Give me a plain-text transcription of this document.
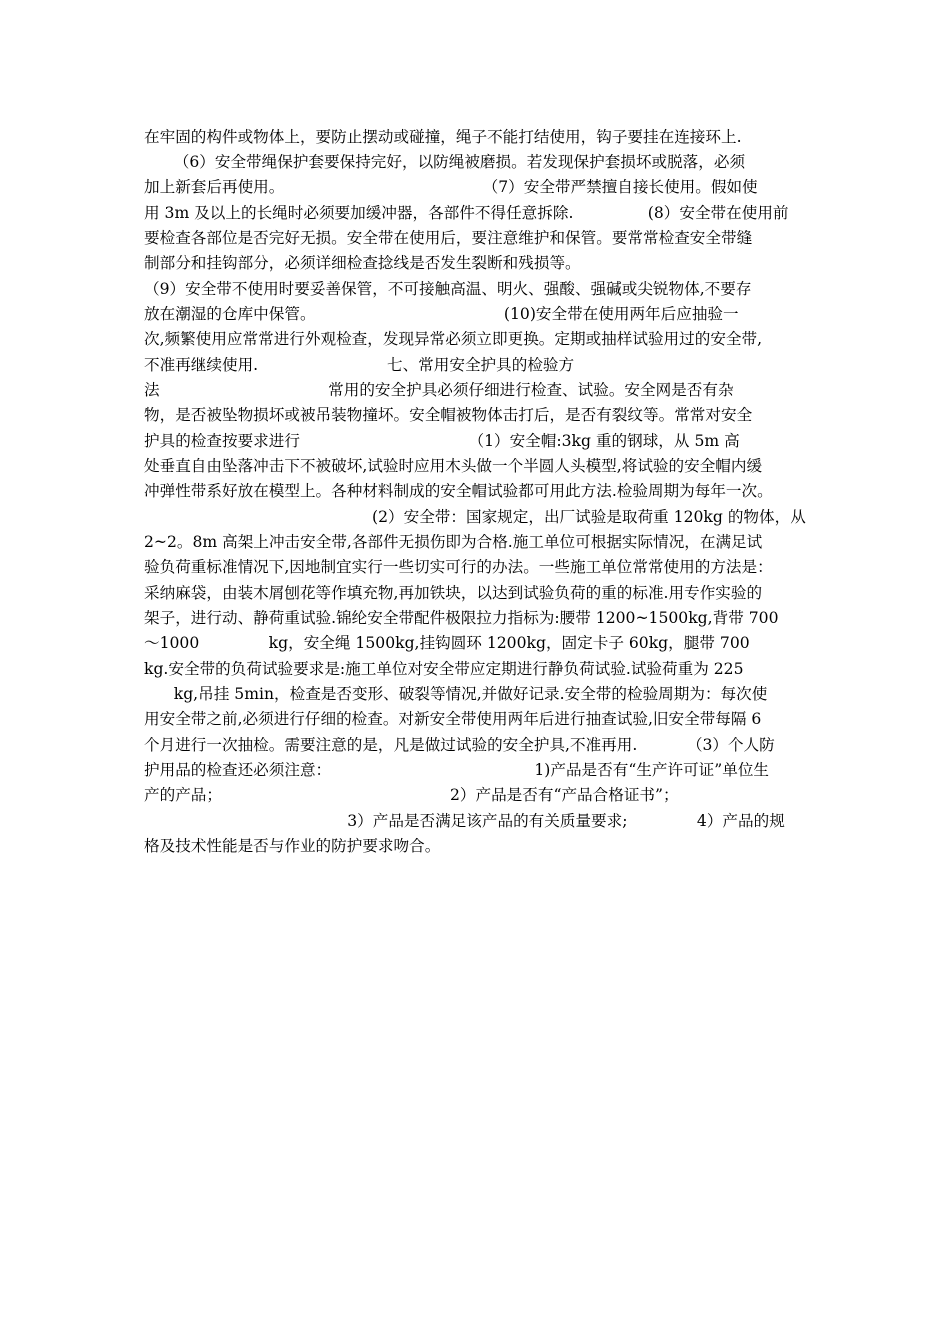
在牢固的构件或物体上，要防止摆动或碰撞，绳子不能打结使用，钩子要挂在连接环上.
（6）安全带绳保护套要保持完好，以防绳被磨损。若发现保护套损坏或脱落，必须
加上新套后再使用。                                        （7）安全带严禁擅自接长使用。假如使
用 3m 及以上的长绳时必须要加缓冲器，各部件不得任意拆除.               (8）安全带在使用前
要检查各部位是否完好无损。安全带在使用后，要注意维护和保管。要常常检查安全带缝
制部分和挂钩部分，必须详细检查捻线是否发生裂断和残损等。
（9）安全带不使用时要妥善保管，不可接触高温、明火、强酸、强碱或尖锐物体,不要存
放在潮湿的仓库中保管。                                      (10)安全带在使用两年后应抽验一
次,频繁使用应常常进行外观检查，发现异常必须立即更换。定期或抽样试验用过的安全带,
不准再继续使用.                          七、常用安全护具的检验方
法                                  常用的安全护具必须仔细进行检查、试验。安全网是否有杂
物，是否被坠物损坏或被吊装物撞坏。安全帽被物体击打后，是否有裂纹等。常常对安全
护具的检查按要求进行                                  （1）安全帽:3kg 重的钢球，从 5m 高
处垂直自由坠落冲击下不被破坏,试验时应用木头做一个半圆人头模型,将试验的安全帽内缓
冲弹性带系好放在模型上。各种材料制成的安全帽试验都可用此方法.检验周期为每年一次。
(2）安全带：国家规定，出厂试验是取荷重 120kg 的物体，从
2~2。8m 高架上冲击安全带,各部件无损伤即为合格.施工单位可根据实际情况，在满足试
验负荷重标准情况下,因地制宜实行一些切实可行的办法。一些施工单位常常使用的方法是：
采纳麻袋，由装木屑刨花等作填充物,再加铁块，以达到试验负荷的重的标准.用专作实验的
架子，进行动、静荷重试验.锦纶安全带配件极限拉力指标为:腰带 1200~1500kg,背带 700
～1000              kg，安全绳 1500kg,挂钩圆环 1200kg，固定卡子 60kg，腿带 700
kg.安全带的负荷试验要求是:施工单位对安全带应定期进行静负荷试验.试验荷重为 225
kg,吊挂 5min，检查是否变形、破裂等情况,并做好记录.安全带的检验周期为：每次使
用安全带之前,必须进行仔细的检查。对新安全带使用两年后进行抽查试验,旧安全带每隔 6
个月进行一次抽检。需要注意的是，凡是做过试验的安全护具,不准再用.          （3）个人防
护用品的检查还必须注意：                                         1)产品是否有“生产许可证”单位生
产的产品；                                              2）产品是否有“产品合格证书”；
3）产品是否满足该产品的有关质量要求;              4）产品的规
格及技术性能是否与作业的防护要求吻合。
